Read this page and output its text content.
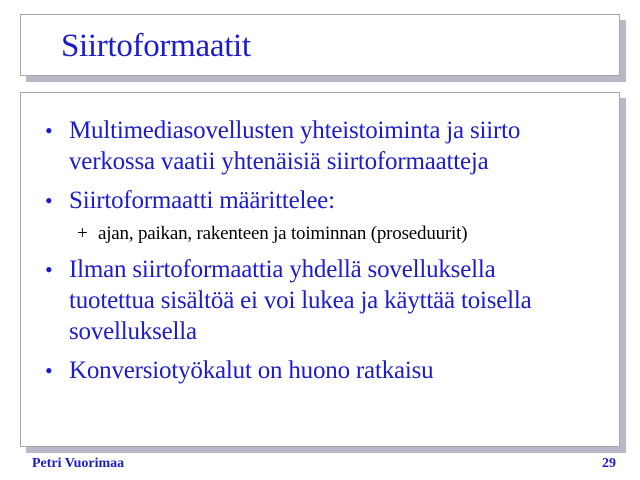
Siirtoformaatit
• Multimediasovellusten yhteistoiminta ja siirto
verkossa vaatii yhtenäisiä siirtoformaatteja
• Siirtoformaatti määrittelee:
+ ajan, paikan, rakenteen ja toiminnan (proseduurit)
• Ilman siirtoformaattia yhdellä sovelluksella
tuotettua sisältöä ei voi lukea ja käyttää toisella
sovelluksella
• Konversiotyökalut on huono ratkaisu
Petri Vuorimaa	29
